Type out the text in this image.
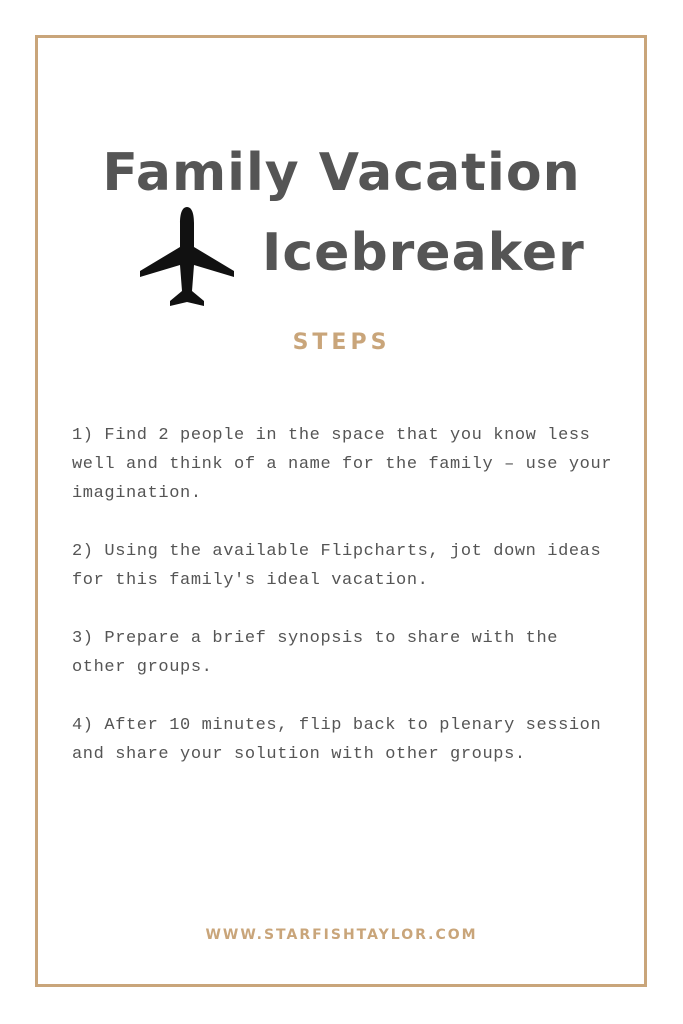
Family Vacation
Icebreaker
STEPS
1) Find 2 people in the space that you know less well and think of a name for the family – use your imagination.
2) Using the available Flipcharts, jot down ideas for this family's ideal vacation.
3) Prepare a brief synopsis to share with the other groups.
4) After 10 minutes, flip back to plenary session and share your solution with other groups.
WWW.STARFISHTAYLOR.COM
